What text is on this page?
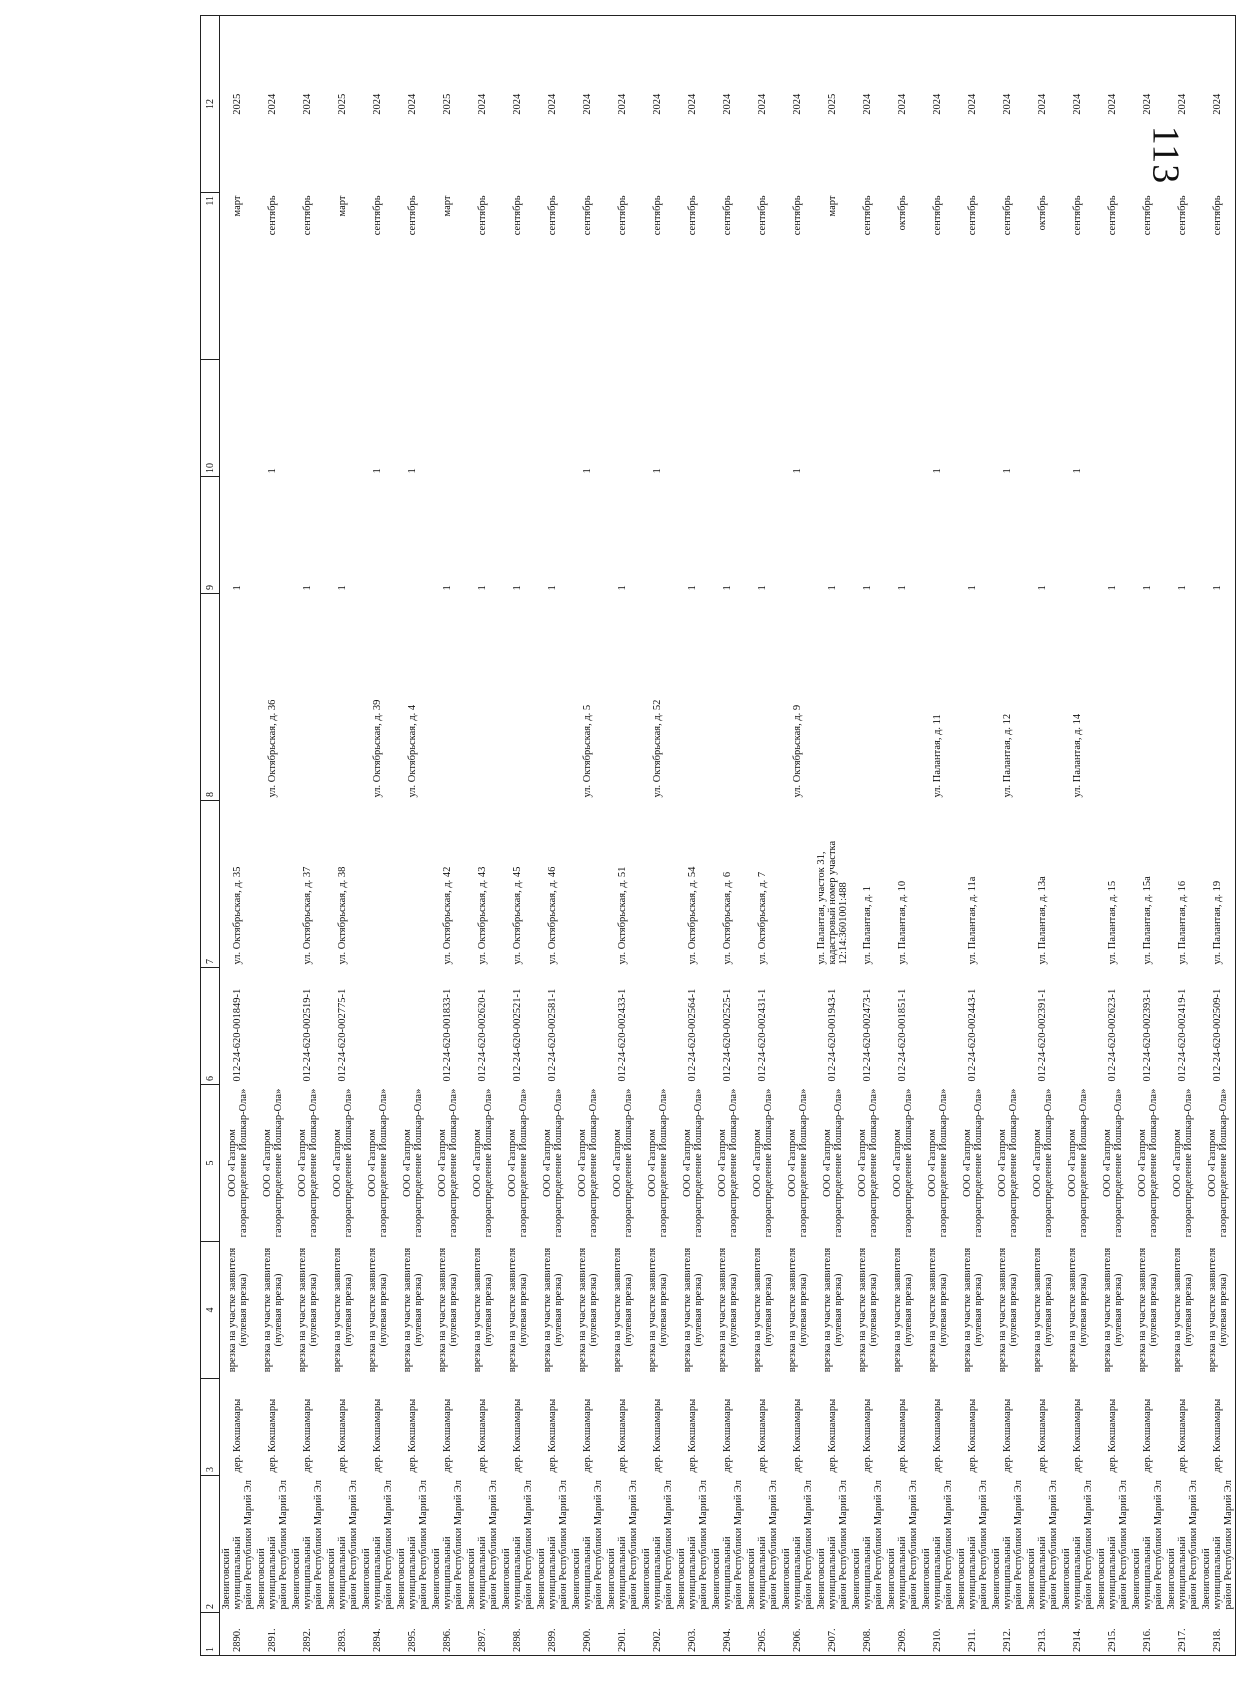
113
1	2	3	4	5	6	7	8	9	10	11	12
2890.	Звениговский муниципальный
район Республики Марий Эл	дер. Кокшамары	врезка на участке заявителя
(нулевая врезка)	ООО «Газпром
газораспределение Йошкар-Ола»	012-24-620-001849-1	ул. Октябрьская, д. 35		1		март	2025
2891.	Звениговский муниципальный
район Республики Марий Эл	дер. Кокшамары	врезка на участке заявителя
(нулевая врезка)	ООО «Газпром
газораспределение Йошкар-Ола»			ул. Октябрьская, д. 36		1	сентябрь	2024
2892.	Звениговский муниципальный
район Республики Марий Эл	дер. Кокшамары	врезка на участке заявителя
(нулевая врезка)	ООО «Газпром
газораспределение Йошкар-Ола»	012-24-620-002519-1	ул. Октябрьская, д. 37		1		сентябрь	2024
2893.	Звениговский муниципальный
район Республики Марий Эл	дер. Кокшамары	врезка на участке заявителя
(нулевая врезка)	ООО «Газпром
газораспределение Йошкар-Ола»	012-24-620-002775-1	ул. Октябрьская, д. 38		1		март	2025
2894.	Звениговский муниципальный
район Республики Марий Эл	дер. Кокшамары	врезка на участке заявителя
(нулевая врезка)	ООО «Газпром
газораспределение Йошкар-Ола»			ул. Октябрьская, д. 39		1	сентябрь	2024
2895.	Звениговский муниципальный
район Республики Марий Эл	дер. Кокшамары	врезка на участке заявителя
(нулевая врезка)	ООО «Газпром
газораспределение Йошкар-Ола»			ул. Октябрьская, д. 4		1	сентябрь	2024
2896.	Звениговский муниципальный
район Республики Марий Эл	дер. Кокшамары	врезка на участке заявителя
(нулевая врезка)	ООО «Газпром
газораспределение Йошкар-Ола»	012-24-620-001833-1	ул. Октябрьская, д. 42		1		март	2025
2897.	Звениговский муниципальный
район Республики Марий Эл	дер. Кокшамары	врезка на участке заявителя
(нулевая врезка)	ООО «Газпром
газораспределение Йошкар-Ола»	012-24-620-002620-1	ул. Октябрьская, д. 43		1		сентябрь	2024
2898.	Звениговский муниципальный
район Республики Марий Эл	дер. Кокшамары	врезка на участке заявителя
(нулевая врезка)	ООО «Газпром
газораспределение Йошкар-Ола»	012-24-620-002521-1	ул. Октябрьская, д. 45		1		сентябрь	2024
2899.	Звениговский муниципальный
район Республики Марий Эл	дер. Кокшамары	врезка на участке заявителя
(нулевая врезка)	ООО «Газпром
газораспределение Йошкар-Ола»	012-24-620-002581-1	ул. Октябрьская, д. 46		1		сентябрь	2024
2900.	Звениговский муниципальный
район Республики Марий Эл	дер. Кокшамары	врезка на участке заявителя
(нулевая врезка)	ООО «Газпром
газораспределение Йошкар-Ола»			ул. Октябрьская, д. 5		1	сентябрь	2024
2901.	Звениговский муниципальный
район Республики Марий Эл	дер. Кокшамары	врезка на участке заявителя
(нулевая врезка)	ООО «Газпром
газораспределение Йошкар-Ола»	012-24-620-002433-1	ул. Октябрьская, д. 51		1		сентябрь	2024
2902.	Звениговский муниципальный
район Республики Марий Эл	дер. Кокшамары	врезка на участке заявителя
(нулевая врезка)	ООО «Газпром
газораспределение Йошкар-Ола»			ул. Октябрьская, д. 52		1	сентябрь	2024
2903.	Звениговский муниципальный
район Республики Марий Эл	дер. Кокшамары	врезка на участке заявителя
(нулевая врезка)	ООО «Газпром
газораспределение Йошкар-Ола»	012-24-620-002564-1	ул. Октябрьская, д. 54		1		сентябрь	2024
2904.	Звениговский муниципальный
район Республики Марий Эл	дер. Кокшамары	врезка на участке заявителя
(нулевая врезка)	ООО «Газпром
газораспределение Йошкар-Ола»	012-24-620-002525-1	ул. Октябрьская, д. 6		1		сентябрь	2024
2905.	Звениговский муниципальный
район Республики Марий Эл	дер. Кокшамары	врезка на участке заявителя
(нулевая врезка)	ООО «Газпром
газораспределение Йошкар-Ола»	012-24-620-002431-1	ул. Октябрьская, д. 7		1		сентябрь	2024
2906.	Звениговский муниципальный
район Республики Марий Эл	дер. Кокшамары	врезка на участке заявителя
(нулевая врезка)	ООО «Газпром
газораспределение Йошкар-Ола»			ул. Октябрьская, д. 9		1	сентябрь	2024
2907.	Звениговский муниципальный
район Республики Марий Эл	дер. Кокшамары	врезка на участке заявителя
(нулевая врезка)	ООО «Газпром
газораспределение Йошкар-Ола»	012-24-620-001943-1	ул. Палантая, участок 31,
кадастровый номер участка
12:14:3601001:488		1		март	2025
2908.	Звениговский муниципальный
район Республики Марий Эл	дер. Кокшамары	врезка на участке заявителя
(нулевая врезка)	ООО «Газпром
газораспределение Йошкар-Ола»	012-24-620-002473-1	ул. Палантая, д. 1		1		сентябрь	2024
2909.	Звениговский муниципальный
район Республики Марий Эл	дер. Кокшамары	врезка на участке заявителя
(нулевая врезка)	ООО «Газпром
газораспределение Йошкар-Ола»	012-24-620-001851-1	ул. Палантая, д. 10		1		октябрь	2024
2910.	Звениговский муниципальный
район Республики Марий Эл	дер. Кокшамары	врезка на участке заявителя
(нулевая врезка)	ООО «Газпром
газораспределение Йошкар-Ола»			ул. Палантая, д. 11		1	сентябрь	2024
2911.	Звениговский муниципальный
район Республики Марий Эл	дер. Кокшамары	врезка на участке заявителя
(нулевая врезка)	ООО «Газпром
газораспределение Йошкар-Ола»	012-24-620-002443-1	ул. Палантая, д. 11а		1		сентябрь	2024
2912.	Звениговский муниципальный
район Республики Марий Эл	дер. Кокшамары	врезка на участке заявителя
(нулевая врезка)	ООО «Газпром
газораспределение Йошкар-Ола»			ул. Палантая, д. 12		1	сентябрь	2024
2913.	Звениговский муниципальный
район Республики Марий Эл	дер. Кокшамары	врезка на участке заявителя
(нулевая врезка)	ООО «Газпром
газораспределение Йошкар-Ола»	012-24-620-002391-1	ул. Палантая, д. 13а		1		октябрь	2024
2914.	Звениговский муниципальный
район Республики Марий Эл	дер. Кокшамары	врезка на участке заявителя
(нулевая врезка)	ООО «Газпром
газораспределение Йошкар-Ола»			ул. Палантая, д. 14		1	сентябрь	2024
2915.	Звениговский муниципальный
район Республики Марий Эл	дер. Кокшамары	врезка на участке заявителя
(нулевая врезка)	ООО «Газпром
газораспределение Йошкар-Ола»	012-24-620-002623-1	ул. Палантая, д. 15		1		сентябрь	2024
2916.	Звениговский муниципальный
район Республики Марий Эл	дер. Кокшамары	врезка на участке заявителя
(нулевая врезка)	ООО «Газпром
газораспределение Йошкар-Ола»	012-24-620-002393-1	ул. Палантая, д. 15а		1		сентябрь	2024
2917.	Звениговский муниципальный
район Республики Марий Эл	дер. Кокшамары	врезка на участке заявителя
(нулевая врезка)	ООО «Газпром
газораспределение Йошкар-Ола»	012-24-620-002419-1	ул. Палантая, д. 16		1		сентябрь	2024
2918.	Звениговский муниципальный
район Республики Марий Эл	дер. Кокшамары	врезка на участке заявителя
(нулевая врезка)	ООО «Газпром
газораспределение Йошкар-Ола»	012-24-620-002509-1	ул. Палантая, д. 19		1		сентябрь	2024
